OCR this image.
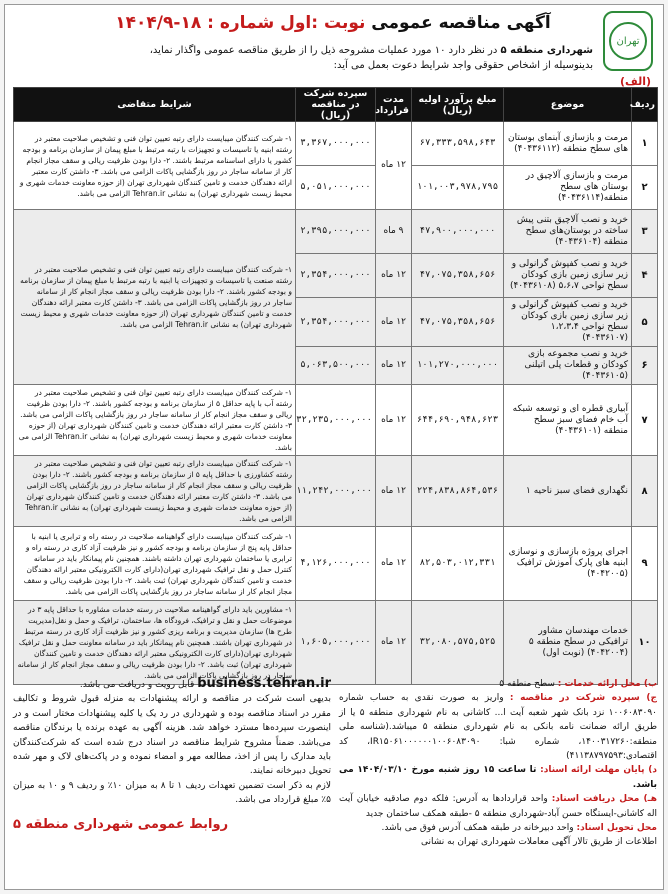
تهران
آگهی مناقصه عمومی نوبت :اول شماره : ۱۸-۱۴۰۴/۹
شهرداری منطقه ۵ در نظر دارد ۱۰ مورد عملیات مشروحه ذیل را از طریق مناقصه عمومی واگذار نماید،
بدینوسیله از اشخاص حقوقی واجد شرایط دعوت بعمل می آید:
(الف)
ردیف	موضوع	مبلغ برآورد اولیه (ریال)	مدت قرارداد	سپرده شرکت در مناقصه (ریال)	شرایط متقاضی
۱	مرمت و بازسازی آبنمای بوستان های سطح منطقه (۴۰۴۳۶۱۱۲)	۶۷,۳۳۳,۵۹۸,۶۴۳	۱۲ ماه	۳,۳۶۷,۰۰۰,۰۰۰	۱- شرکت کنندگان میبایست دارای رتبه تعیین توان فنی و تشخیص صلاحیت معتبر در رشته ابنیه یا تاسیسات و تجهیزات با رتبه مرتبط با مبلغ پیمان از سازمان برنامه و بودجه کشور یا دارای اساسنامه مرتبط باشند. ۲- دارا بودن ظرفیت ریالی و سقف مجاز انجام کار از سامانه ساجار در روز بازگشایی پاکات الزامی می باشد. ۳- داشتن کارت معتبر ارائه دهندگان خدمت و تامین کنندگان شهرداری تهران (از حوزه معاونت خدمات شهری و محیط زیست شهرداری تهران) به نشانی Tehran.ir الزامی می باشد.
۲	مرمت و بازسازی آلاچیق در بوستان های سطح منطقه(۴۰۴۳۶۱۱۴)	۱۰۱,۰۰۳,۹۷۸,۷۹۵		۵,۰۵۱,۰۰۰,۰۰۰	
۳	خرید و نصب آلاچیق بتنی پیش ساخته در بوستان‌های سطح منطقه (۴۰۴۳۶۱۰۴)	۴۷,۹۰۰,۰۰۰,۰۰۰	۹ ماه	۲,۳۹۵,۰۰۰,۰۰۰	۱- شرکت کنندگان میبایست دارای رتبه تعیین توان فنی و تشخیص صلاحیت معتبر در رشته صنعت یا تاسیسات و تجهیزات یا ابنیه با رتبه مرتبط با مبلغ پیمان از سازمان برنامه و بودجه کشور باشند. ۲- دارا بودن ظرفیت ریالی و سقف مجاز انجام کار از سامانه ساجار در روز بازگشایی پاکات الزامی می باشد. ۳- داشتن کارت معتبر ارائه دهندگان خدمت و تامین کنندگان شهرداری تهران (از حوزه معاونت خدمات شهری و محیط زیست شهرداری تهران) به نشانی Tehran.ir الزامی می باشد.
۴	خرید و نصب کفپوش گرانولی و زیر سازی زمین بازی کودکان سطح نواحی ۵،۶،۷ (۴۰۴۳۶۱۰۸)	۴۷,۰۷۵,۳۵۸,۶۵۶	۱۲ ماه	۲,۳۵۴,۰۰۰,۰۰۰	
۵	خرید و نصب کفپوش گرانولی و زیر سازی زمین بازی کودکان سطح نواحی ۱،۲،۳،۴ (۴۰۴۳۶۱۰۷)	۴۷,۰۷۵,۳۵۸,۶۵۶	۱۲ ماه	۲,۳۵۴,۰۰۰,۰۰۰	
۶	خرید و نصب مجموعه بازی کودکان و قطعات پلی اتیلنی (۴۰۴۳۶۱۰۵)	۱۰۱,۲۷۰,۰۰۰,۰۰۰	۱۲ ماه	۵,۰۶۳,۵۰۰,۰۰۰	
۷	آبیاری قطره ای و توسعه شبکه آب خام فضای سبز سطح منطقه (۴۰۴۳۶۱۰۱)	۶۴۴,۶۹۰,۹۴۸,۶۲۳	۱۲ ماه	۳۲,۲۳۵,۰۰۰,۰۰۰	۱- شرکت کنندگان میبایست دارای رتبه تعیین توان فنی و تشخیص صلاحیت معتبر در رشته آب با پایه حداقل ۵ از سازمان برنامه و بودجه کشور باشند. ۲- دارا بودن ظرفیت ریالی و سقف مجاز انجام کار از سامانه ساجار در روز بازگشایی پاکات الزامی می باشد. ۳- داشتن کارت معتبر ارائه دهندگان خدمت و تامین کنندگان شهرداری تهران (از حوزه معاونت خدمات شهری و محیط زیست شهرداری تهران) به نشانی Tehran.ir الزامی می باشد.
۸	نگهداری فضای سبز ناحیه ۱	۲۲۴,۸۳۸,۸۶۴,۵۳۶	۱۲ ماه	۱۱,۲۴۲,۰۰۰,۰۰۰	۱- شرکت کنندگان میبایست دارای رتبه تعیین توان فنی و تشخیص صلاحیت معتبر در رشته کشاورزی با حداقل پایه ۵ از سازمان برنامه و بودجه کشور باشند. ۲- دارا بودن ظرفیت ریالی و سقف مجاز انجام کار از سامانه ساجار در روز بازگشایی پاکات الزامی می باشد. ۳- داشتن کارت معتبر ارائه دهندگان خدمت و تامین کنندگان شهرداری تهران (از حوزه معاونت خدمات شهری و محیط زیست شهرداری تهران) به نشانی Tehran.ir الزامی می باشد.
۹	اجرای پروژه بازسازی و نوسازی ابنیه های پارک آموزش ترافیک (۴۰۴۲۰۰۵)	۸۲,۵۰۳,۰۱۲,۳۳۱	۱۲ ماه	۴,۱۲۶,۰۰۰,۰۰۰	۱- شرکت کنندگان میبایست دارای گواهینامه صلاحیت در رسته راه و ترابری یا ابنیه با حداقل پایه پنج از سازمان برنامه و بودجه کشور و نیز ظرفیت آزاد کاری در رسته راه و ترابری یا ساختمان شهرداری تهران داشته باشند. همچنین نام پیمانکار باید در سامانه کنترل حمل و نقل ترافیک شهرداری تهران(دارای کارت الکترونیکی معتبر ارائه دهندگان خدمت و تامین کنندگان شهرداری تهران) ثبت باشد. ۲- دارا بودن ظرفیت ریالی و سقف مجاز انجام کار از سامانه ساجار در روز بازگشایی پاکات الزامی می باشد.
۱۰	خدمات مهندسان مشاور ترافیکی در سطح منطقه ۵ (۴۰۴۲۰۰۴) (نوبت اول)	۳۲,۰۸۰,۵۷۵,۵۲۵	۱۲ ماه	۱,۶۰۵,۰۰۰,۰۰۰	۱- مشاورین باید دارای گواهینامه صلاحیت در رسته خدمات مشاوره با حداقل پایه ۳ در موضوعات حمل و نقل و ترافیک، فرودگاه ها، ساختمان، ترافیک و حمل و نقل(مدیریت طرح ها) سازمان مدیریت و برنامه ریزی کشور و نیز ظرفیت آزاد کاری در رسته مرتبط در شهرداری تهران باشند. همچنین نام پیمانکار باید در سامانه معاونت حمل و نقل ترافیک شهرداری تهران(دارای کارت الکترونیکی معتبر ارائه دهندگان خدمت و تامین کنندگان شهرداری تهران) ثبت باشد. ۲- دارا بودن ظرفیت ریالی و سقف مجاز انجام کار از سامانه ساجار در روز بازگشایی پاکات الزامی می باشد.
ب) محل ارائه خدمات : سطح منطقه ۵
ج) سپرده شرکت در مناقصه : واریز به صورت نقدی به حساب شماره ۱۰۰۶۰۸۳۰۹۰ نزد بانک شهر شعبه آیت ا... کاشانی به نام شهرداری منطقه ۵ یا از طریق ارائه ضمانت نامه بانکی به نام شهرداری منطقه ۵ میباشد.(شناسه ملی منطقه:۱۴۰۰۳۱۷۲۶۰، شماره شبا: IR۱۵۰۶۱۰۰۰۰۰۰۱۰۰۶۰۸۳۰۹۰، کد اقتصادی:۴۱۱۳۸۷۹۷۵۹۳)
د) پایان مهلت ارائه اسناد: تا ساعت ۱۵ روز شنبه مورخ ۱۴۰۴/۰۳/۱۰ می باشد.
هـ) محل دریافت اسناد: واحد قراردادها به آدرس: فلکه دوم صادقیه خیابان آیت اله کاشانی-ایستگاه حسن آباد-شهرداری منطقه ۵ -طبقه همکف ساختمان جدید
محل تحویل اسناد: واحد دبیرخانه در طبقه همکف آدرس فوق می باشد.
اطلاعات از طریق تالار آگهی معاملات شهرداری تهران به نشانی
business.tehran.ir قابل رویت و دریافت می باشد.
بدیهی است شرکت در مناقصه و ارائه پیشنهادات به منزله قبول شروط و تکالیف مقرر در اسناد مناقصه بوده و شهرداری در رد یک یا کلیه پیشنهادات مختار است و در اینصورت سپرده‌ها مسترد خواهد شد. هزینه آگهی به عهده برنده یا برندگان مناقصه می‌باشد. ضمناً مشروح شرایط مناقصه در اسناد درج شده است که شرکت‌کنندگان باید مدارک را پس از اخذ، مطالعه مهر و امضاء نموده و در پاکت‌های لاک و مهر شده تحویل دبیرخانه نمایند.
لازم به ذکر است تضمین تعهدات ردیف ۱ تا ۸ به میزان ۱۰٪ و ردیف ۹ و ۱۰ به میزان ۵٪ مبلغ قرارداد می باشد.
روابط عمومی شهرداری منطقه ۵
